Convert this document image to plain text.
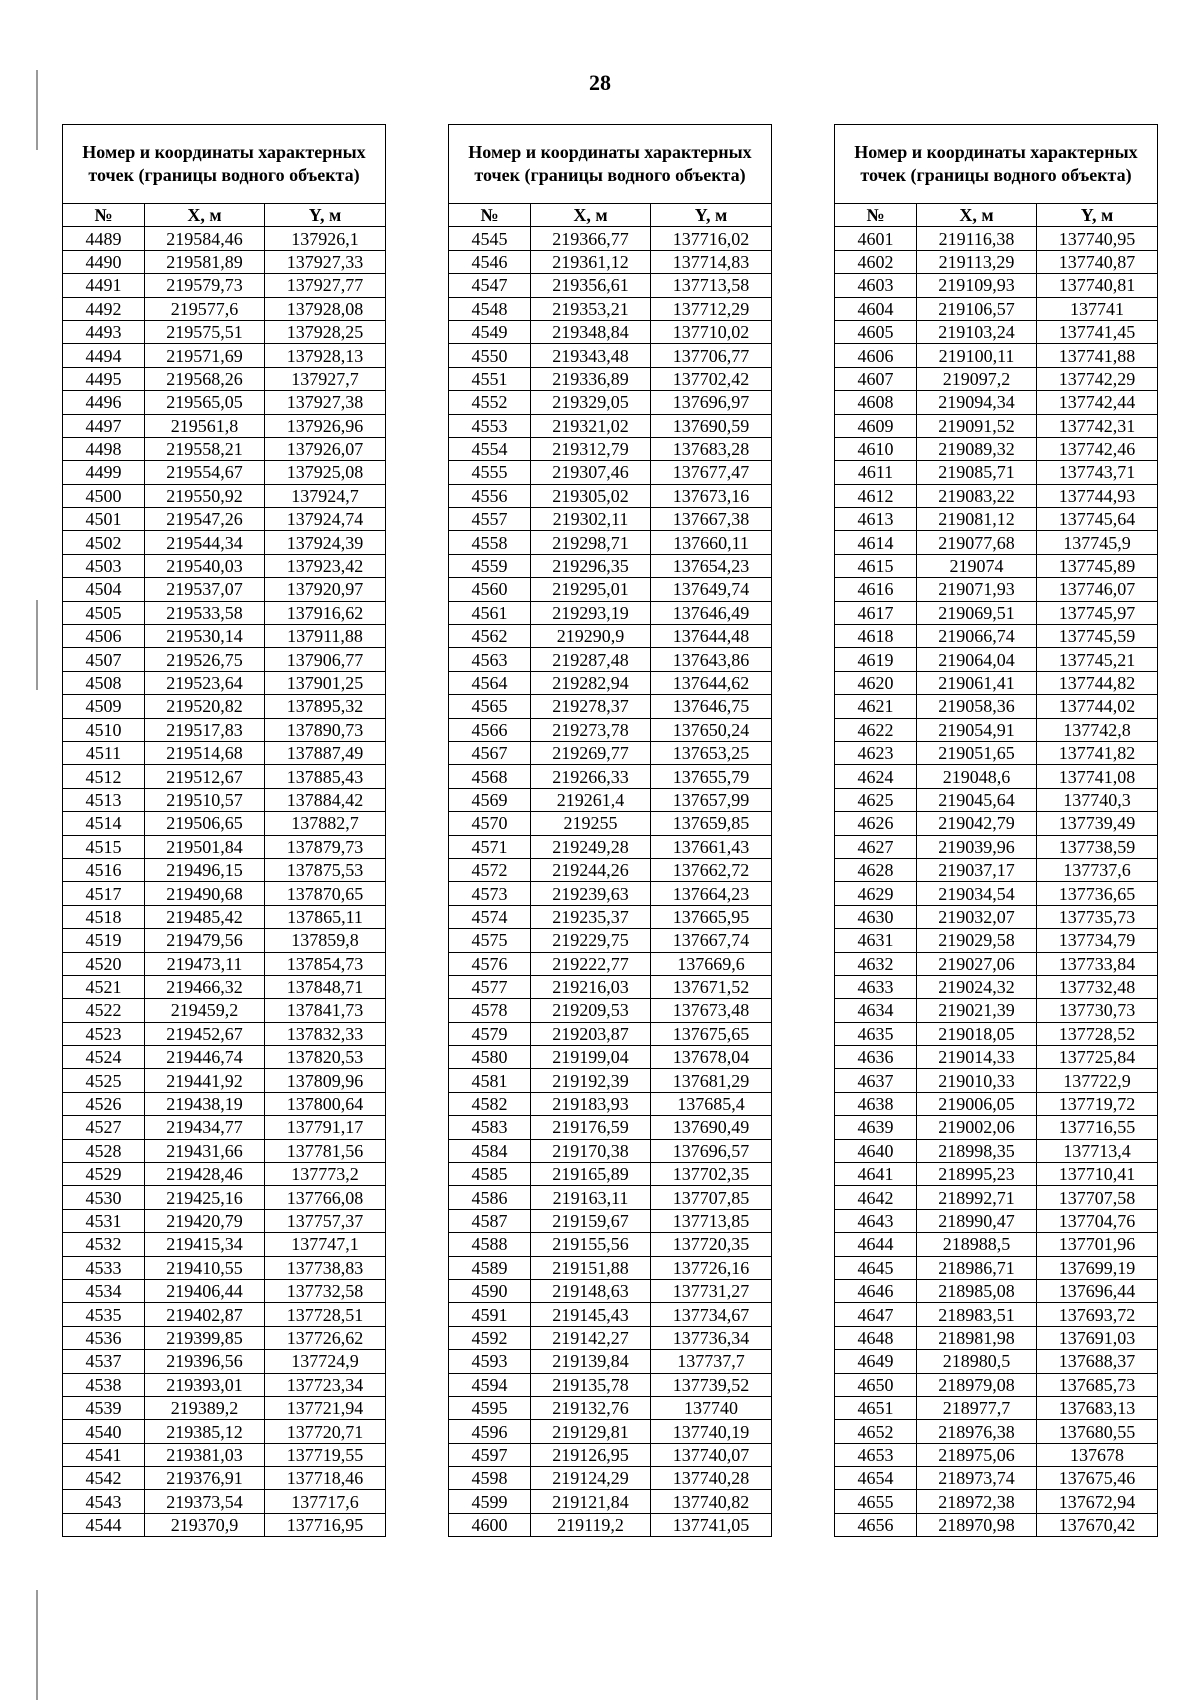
28
Номер и координаты характерных точек (границы водного объекта)		
№	X, м	Y, м
4489	219584,46	137926,1
4490	219581,89	137927,33
4491	219579,73	137927,77
4492	219577,6	137928,08
4493	219575,51	137928,25
4494	219571,69	137928,13
4495	219568,26	137927,7
4496	219565,05	137927,38
4497	219561,8	137926,96
4498	219558,21	137926,07
4499	219554,67	137925,08
4500	219550,92	137924,7
4501	219547,26	137924,74
4502	219544,34	137924,39
4503	219540,03	137923,42
4504	219537,07	137920,97
4505	219533,58	137916,62
4506	219530,14	137911,88
4507	219526,75	137906,77
4508	219523,64	137901,25
4509	219520,82	137895,32
4510	219517,83	137890,73
4511	219514,68	137887,49
4512	219512,67	137885,43
4513	219510,57	137884,42
4514	219506,65	137882,7
4515	219501,84	137879,73
4516	219496,15	137875,53
4517	219490,68	137870,65
4518	219485,42	137865,11
4519	219479,56	137859,8
4520	219473,11	137854,73
4521	219466,32	137848,71
4522	219459,2	137841,73
4523	219452,67	137832,33
4524	219446,74	137820,53
4525	219441,92	137809,96
4526	219438,19	137800,64
4527	219434,77	137791,17
4528	219431,66	137781,56
4529	219428,46	137773,2
4530	219425,16	137766,08
4531	219420,79	137757,37
4532	219415,34	137747,1
4533	219410,55	137738,83
4534	219406,44	137732,58
4535	219402,87	137728,51
4536	219399,85	137726,62
4537	219396,56	137724,9
4538	219393,01	137723,34
4539	219389,2	137721,94
4540	219385,12	137720,71
4541	219381,03	137719,55
4542	219376,91	137718,46
4543	219373,54	137717,6
4544	219370,9	137716,95
Номер и координаты характерных точек (границы водного объекта)		
№	X, м	Y, м
4545	219366,77	137716,02
4546	219361,12	137714,83
4547	219356,61	137713,58
4548	219353,21	137712,29
4549	219348,84	137710,02
4550	219343,48	137706,77
4551	219336,89	137702,42
4552	219329,05	137696,97
4553	219321,02	137690,59
4554	219312,79	137683,28
4555	219307,46	137677,47
4556	219305,02	137673,16
4557	219302,11	137667,38
4558	219298,71	137660,11
4559	219296,35	137654,23
4560	219295,01	137649,74
4561	219293,19	137646,49
4562	219290,9	137644,48
4563	219287,48	137643,86
4564	219282,94	137644,62
4565	219278,37	137646,75
4566	219273,78	137650,24
4567	219269,77	137653,25
4568	219266,33	137655,79
4569	219261,4	137657,99
4570	219255	137659,85
4571	219249,28	137661,43
4572	219244,26	137662,72
4573	219239,63	137664,23
4574	219235,37	137665,95
4575	219229,75	137667,74
4576	219222,77	137669,6
4577	219216,03	137671,52
4578	219209,53	137673,48
4579	219203,87	137675,65
4580	219199,04	137678,04
4581	219192,39	137681,29
4582	219183,93	137685,4
4583	219176,59	137690,49
4584	219170,38	137696,57
4585	219165,89	137702,35
4586	219163,11	137707,85
4587	219159,67	137713,85
4588	219155,56	137720,35
4589	219151,88	137726,16
4590	219148,63	137731,27
4591	219145,43	137734,67
4592	219142,27	137736,34
4593	219139,84	137737,7
4594	219135,78	137739,52
4595	219132,76	137740
4596	219129,81	137740,19
4597	219126,95	137740,07
4598	219124,29	137740,28
4599	219121,84	137740,82
4600	219119,2	137741,05
Номер и координаты характерных точек (границы водного объекта)		
№	X, м	Y, м
4601	219116,38	137740,95
4602	219113,29	137740,87
4603	219109,93	137740,81
4604	219106,57	137741
4605	219103,24	137741,45
4606	219100,11	137741,88
4607	219097,2	137742,29
4608	219094,34	137742,44
4609	219091,52	137742,31
4610	219089,32	137742,46
4611	219085,71	137743,71
4612	219083,22	137744,93
4613	219081,12	137745,64
4614	219077,68	137745,9
4615	219074	137745,89
4616	219071,93	137746,07
4617	219069,51	137745,97
4618	219066,74	137745,59
4619	219064,04	137745,21
4620	219061,41	137744,82
4621	219058,36	137744,02
4622	219054,91	137742,8
4623	219051,65	137741,82
4624	219048,6	137741,08
4625	219045,64	137740,3
4626	219042,79	137739,49
4627	219039,96	137738,59
4628	219037,17	137737,6
4629	219034,54	137736,65
4630	219032,07	137735,73
4631	219029,58	137734,79
4632	219027,06	137733,84
4633	219024,32	137732,48
4634	219021,39	137730,73
4635	219018,05	137728,52
4636	219014,33	137725,84
4637	219010,33	137722,9
4638	219006,05	137719,72
4639	219002,06	137716,55
4640	218998,35	137713,4
4641	218995,23	137710,41
4642	218992,71	137707,58
4643	218990,47	137704,76
4644	218988,5	137701,96
4645	218986,71	137699,19
4646	218985,08	137696,44
4647	218983,51	137693,72
4648	218981,98	137691,03
4649	218980,5	137688,37
4650	218979,08	137685,73
4651	218977,7	137683,13
4652	218976,38	137680,55
4653	218975,06	137678
4654	218973,74	137675,46
4655	218972,38	137672,94
4656	218970,98	137670,42
